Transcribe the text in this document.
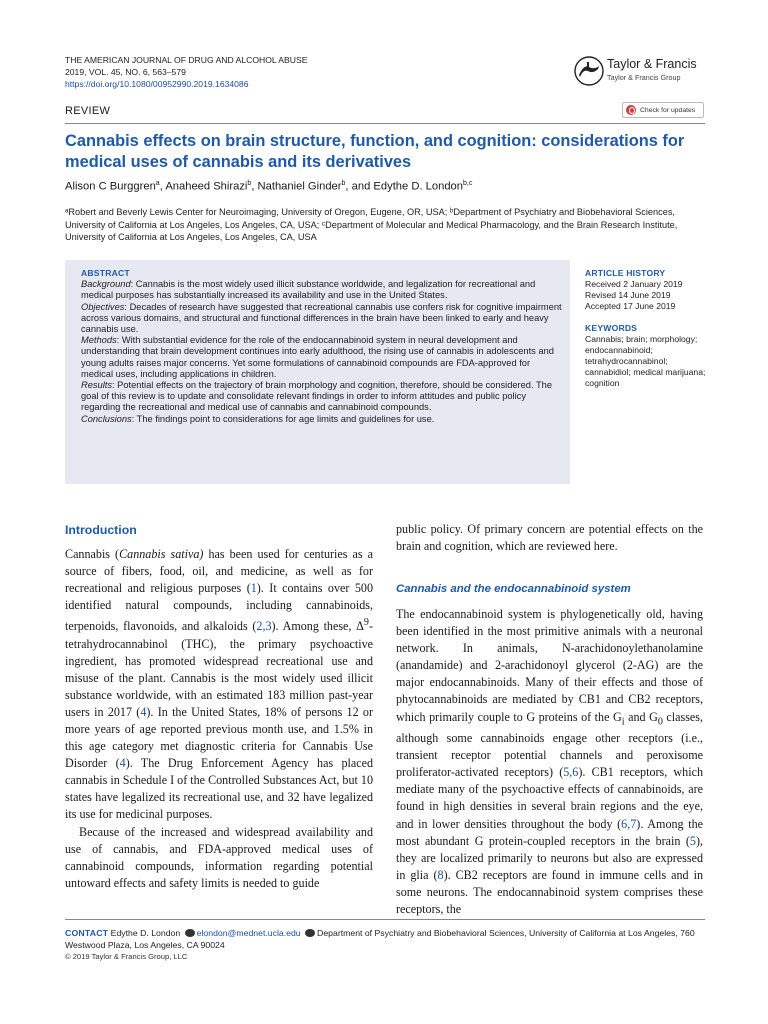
THE AMERICAN JOURNAL OF DRUG AND ALCOHOL ABUSE
2019, VOL. 45, NO. 6, 563–579
https://doi.org/10.1080/00952990.2019.1634086
Taylor & Francis
Taylor & Francis Group
REVIEW	Check for updates
Cannabis effects on brain structure, function, and cognition: considerations for medical uses of cannabis and its derivatives
Alison C Burggren$^a$, Anaheed Shirazi$^b$, Nathaniel Ginder$^b$, and Edythe D. London$^{b,c}$
ᵃRobert and Beverly Lewis Center for Neuroimaging, University of Oregon, Eugene, OR, USA; ᵇDepartment of Psychiatry and Biobehavioral Sciences, University of California at Los Angeles, Los Angeles, CA, USA; ᶜDepartment of Molecular and Medical Pharmacology, and the Brain Research Institute, University of California at Los Angeles, Los Angeles, CA, USA
ABSTRACT

Background: Cannabis is the most widely used illicit substance worldwide, and legalization for recreational and medical purposes has substantially increased its availability and use in the United States.

Objectives: Decades of research have suggested that recreational cannabis use confers risk for cognitive impairment across various domains, and structural and functional differences in the brain have been linked to early and heavy cannabis use.

Methods: With substantial evidence for the role of the endocannabinoid system in neural development and understanding that brain development continues into early adulthood, the rising use of cannabis in adolescents and young adults raises major concerns. Yet some formulations of cannabinoid compounds are FDA-approved for medical uses, including applications in children.

Results: Potential effects on the trajectory of brain morphology and cognition, therefore, should be considered. The goal of this review is to update and consolidate relevant findings in order to inform attitudes and public policy regarding the recreational and medical use of cannabis and cannabinoid compounds.

Conclusions: The findings point to considerations for age limits and guidelines for use.

ARTICLE HISTORY
Received 2 January 2019
Revised 14 June 2019
Accepted 17 June 2019
KEYWORDS
Cannabis; brain; morphology; endocannabinoid; tetrahydrocannabinol; cannabidiol; medical marijuana; cognition
Introduction

Cannabis (Cannabis sativa) has been used for centuries as a source of fibers, food, oil, and medicine, as well as for recreational and religious purposes (1). It contains over 500 identified natural compounds, including cannabinoids, terpenoids, flavonoids, and alkaloids (2,3). Among these, $\Delta^9$-tetrahydrocannabinol (THC), the primary psychoactive ingredient, has promoted widespread recreational use and misuse of the plant. Cannabis is the most widely used illicit substance worldwide, with an estimated 183 million past-year users in 2017 (4). In the United States, 18% of persons 12 or more years of age reported previous month use, and 1.5% in this age category met diagnostic criteria for Cannabis Use Disorder (4). The Drug Enforcement Agency has placed cannabis in Schedule I of the Controlled Substances Act, but 10 states have legalized its recreational use, and 32 have legalized its use for medicinal purposes.

Because of the increased and widespread availability and use of cannabis, and FDA-approved medical uses of cannabinoid compounds, information regarding potential untoward effects and safety limits is needed to guide

public policy. Of primary concern are potential effects on the brain and cognition, which are reviewed here.

Cannabis and the endocannabinoid system

The endocannabinoid system is phylogenetically old, having been identified in the most primitive animals with a neuronal network. In animals, N-arachidonoylethanolamine (anandamide) and 2-arachidonoyl glycerol (2-AG) are the major endocannabinoids. Many of their effects and those of phytocannabinoids are mediated by CB1 and CB2 receptors, which primarily couple to G proteins of the $G_i$ and $G_0$ classes, although some cannabinoids engage other receptors (i.e., transient receptor potential channels and peroxisome proliferator-activated receptors) (5,6). CB1 receptors, which mediate many of the psychoactive effects of cannabinoids, are found in high densities in several brain regions and the eye, and in lower densities throughout the body (6,7). Among the most abundant G protein-coupled receptors in the brain (5), they are localized primarily to neurons but also are expressed in glia (8). CB2 receptors are found in immune cells and in some neurons. The endocannabinoid system comprises these receptors, the

CONTACT Edythe D. London elondon@mednet.ucla.edu Department of Psychiatry and Biobehavioral Sciences, University of California at Los Angeles, 760 Westwood Plaza, Los Angeles, CA 90024
© 2019 Taylor & Francis Group, LLC
